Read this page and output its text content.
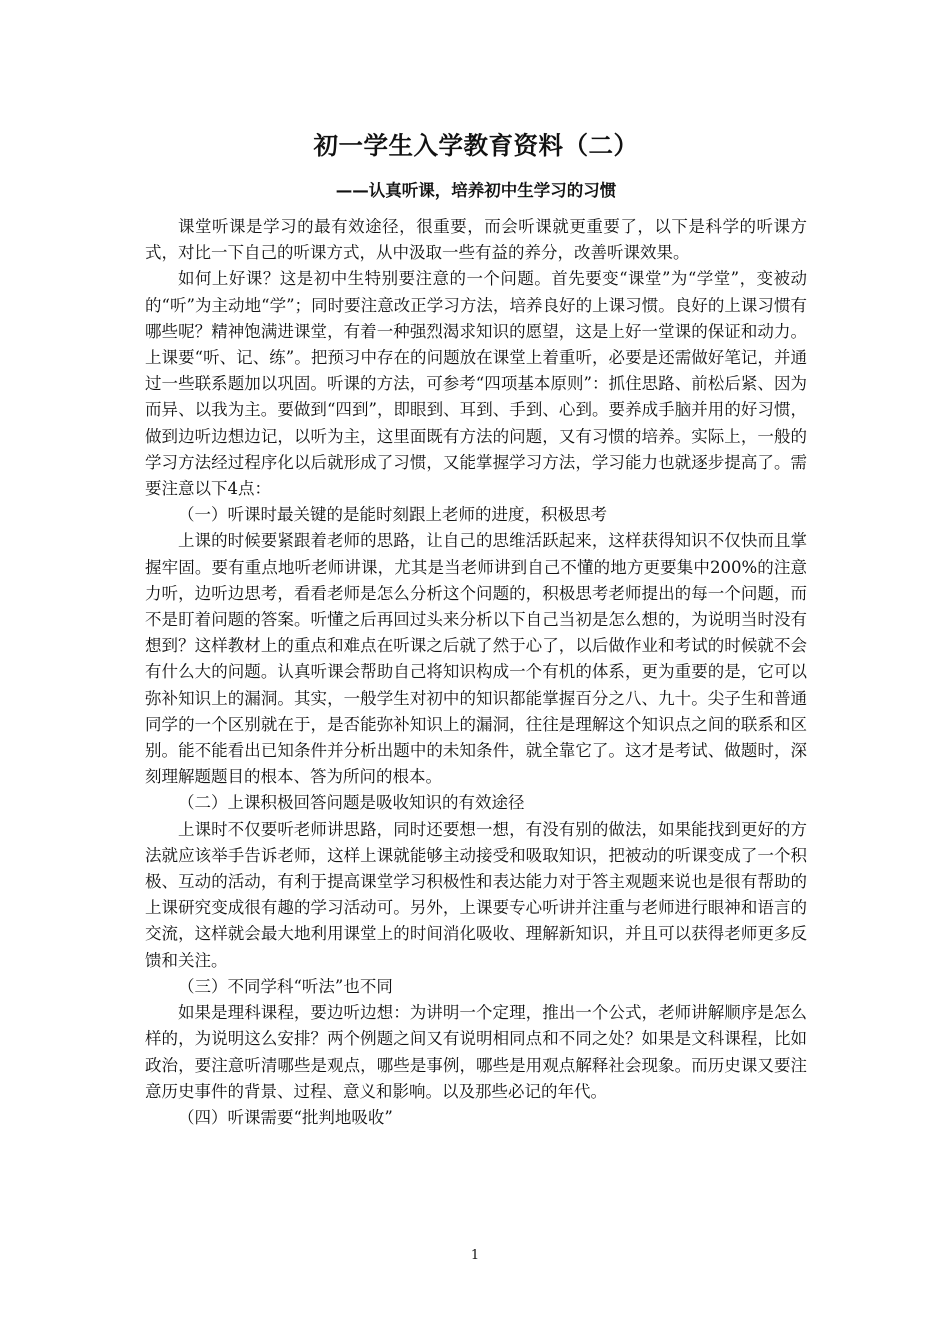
初一学生入学教育资料（二）
——认真听课，培养初中生学习的习惯

课堂听课是学习的最有效途径，很重要，而会听课就更重要了，以下是科学的听课方式，对比一下自己的听课方式，从中汲取一些有益的养分，改善听课效果。

如何上好课？这是初中生特别要注意的一个问题。首先要变“课堂”为“学堂”，变被动的“听”为主动地“学”；同时要注意改正学习方法，培养良好的上课习惯。良好的上课习惯有哪些呢？精神饱满进课堂，有着一种强烈渴求知识的愿望，这是上好一堂课的保证和动力。上课要“听、记、练”。把预习中存在的问题放在课堂上着重听，必要是还需做好笔记，并通过一些联系题加以巩固。听课的方法，可参考“四项基本原则”：抓住思路、前松后紧、因为而异、以我为主。要做到“四到”，即眼到、耳到、手到、心到。要养成手脑并用的好习惯，做到边听边想边记，以听为主，这里面既有方法的问题，又有习惯的培养。实际上，一般的学习方法经过程序化以后就形成了习惯，又能掌握学习方法，学习能力也就逐步提高了。需要注意以下4点：

（一）听课时最关键的是能时刻跟上老师的进度，积极思考

上课的时候要紧跟着老师的思路，让自己的思维活跃起来，这样获得知识不仅快而且掌握牢固。要有重点地听老师讲课，尤其是当老师讲到自己不懂的地方更要集中200%的注意力听，边听边思考，看看老师是怎么分析这个问题的，积极思考老师提出的每一个问题，而不是盯着问题的答案。听懂之后再回过头来分析以下自己当初是怎么想的，为说明当时没有想到？这样教材上的重点和难点在听课之后就了然于心了，以后做作业和考试的时候就不会有什么大的问题。认真听课会帮助自己将知识构成一个有机的体系，更为重要的是，它可以弥补知识上的漏洞。其实，一般学生对初中的知识都能掌握百分之八、九十。尖子生和普通同学的一个区别就在于，是否能弥补知识上的漏洞，往往是理解这个知识点之间的联系和区别。能不能看出已知条件并分析出题中的未知条件，就全靠它了。这才是考试、做题时，深刻理解题题目的根本、答为所问的根本。

（二）上课积极回答问题是吸收知识的有效途径

上课时不仅要听老师讲思路，同时还要想一想，有没有别的做法，如果能找到更好的方法就应该举手告诉老师，这样上课就能够主动接受和吸取知识，把被动的听课变成了一个积极、互动的活动，有利于提高课堂学习积极性和表达能力对于答主观题来说也是很有帮助的上课研究变成很有趣的学习活动可。另外，上课要专心听讲并注重与老师进行眼神和语言的交流，这样就会最大地利用课堂上的时间消化吸收、理解新知识，并且可以获得老师更多反馈和关注。

（三）不同学科“听法”也不同

如果是理科课程，要边听边想：为讲明一个定理，推出一个公式，老师讲解顺序是怎么样的，为说明这么安排？两个例题之间又有说明相同点和不同之处？如果是文科课程，比如政治，要注意听清哪些是观点，哪些是事例，哪些是用观点解释社会现象。而历史课又要注意历史事件的背景、过程、意义和影响。以及那些必记的年代。

（四）听课需要“批判地吸收”

1
